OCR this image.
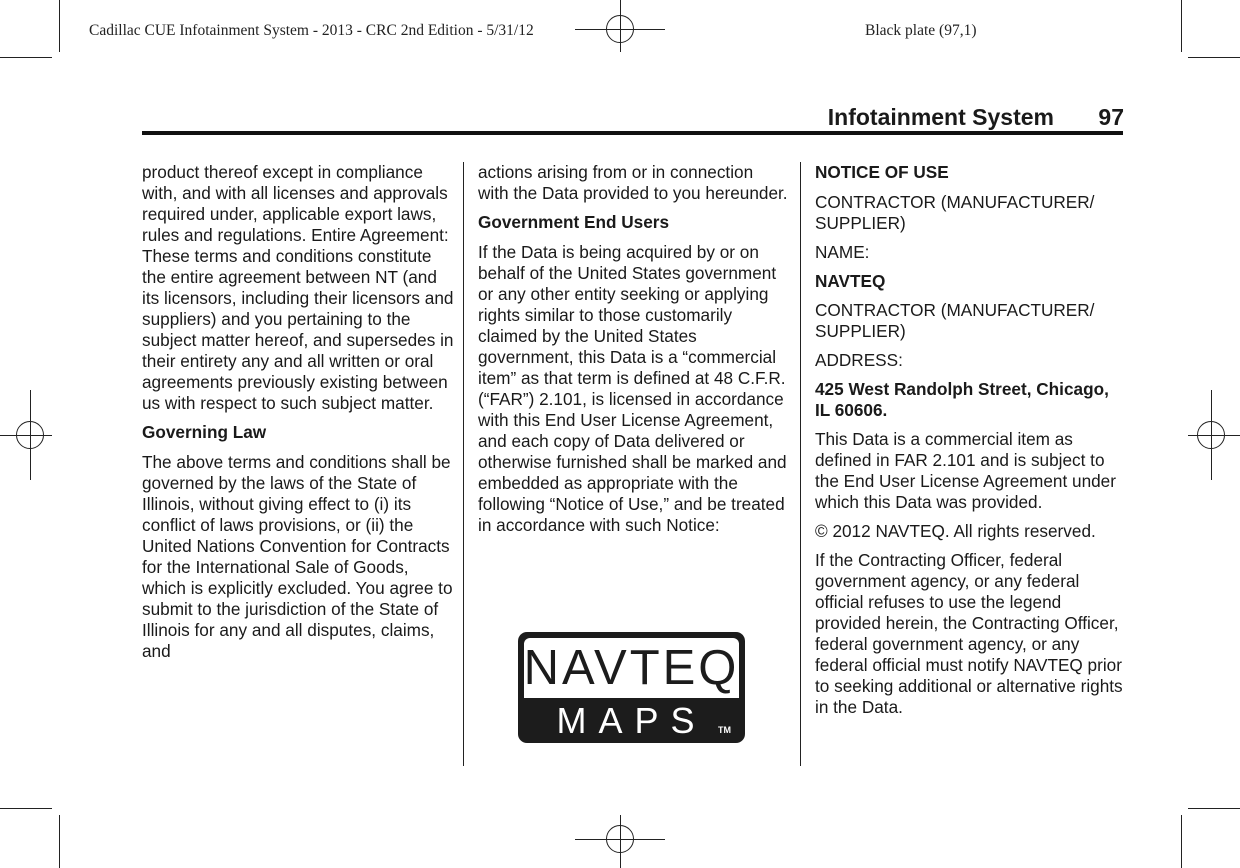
Cadillac CUE Infotainment System - 2013 - CRC 2nd Edition - 5/31/12	Black plate (97,1)
Infotainment System	97

product thereof except in compliance with, and with all licenses and approvals required under, applicable export laws, rules and regulations. Entire Agreement: These terms and conditions constitute the entire agreement between NT (and its licensors, including their licensors and suppliers) and you pertaining to the subject matter hereof, and supersedes in their entirety any and all written or oral agreements previously existing between us with respect to such subject matter.

Governing Law

The above terms and conditions shall be governed by the laws of the State of Illinois, without giving effect to (i) its conflict of laws provisions, or (ii) the United Nations Convention for Contracts for the International Sale of Goods, which is explicitly excluded. You agree to submit to the jurisdiction of the State of Illinois for any and all disputes, claims, and

actions arising from or in connection with the Data provided to you hereunder.

Government End Users

If the Data is being acquired by or on behalf of the United States government or any other entity seeking or applying rights similar to those customarily claimed by the United States government, this Data is a “commercial item” as that term is defined at 48 C.F.R. (“FAR”) 2.101, is licensed in accordance with this End User License Agreement, and each copy of Data delivered or otherwise furnished shall be marked and embedded as appropriate with the following “Notice of Use,” and be treated in accordance with such Notice:

NAVTEQ
MAPS	TM

NOTICE OF USE

CONTRACTOR (MANUFACTURER/ SUPPLIER)

NAME:

NAVTEQ

CONTRACTOR (MANUFACTURER/ SUPPLIER)

ADDRESS:

425 West Randolph Street, Chicago, IL 60606.

This Data is a commercial item as defined in FAR 2.101 and is subject to the End User License Agreement under which this Data was provided.

© 2012 NAVTEQ. All rights reserved.

If the Contracting Officer, federal government agency, or any federal official refuses to use the legend provided herein, the Contracting Officer, federal government agency, or any federal official must notify NAVTEQ prior to seeking additional or alternative rights in the Data.
